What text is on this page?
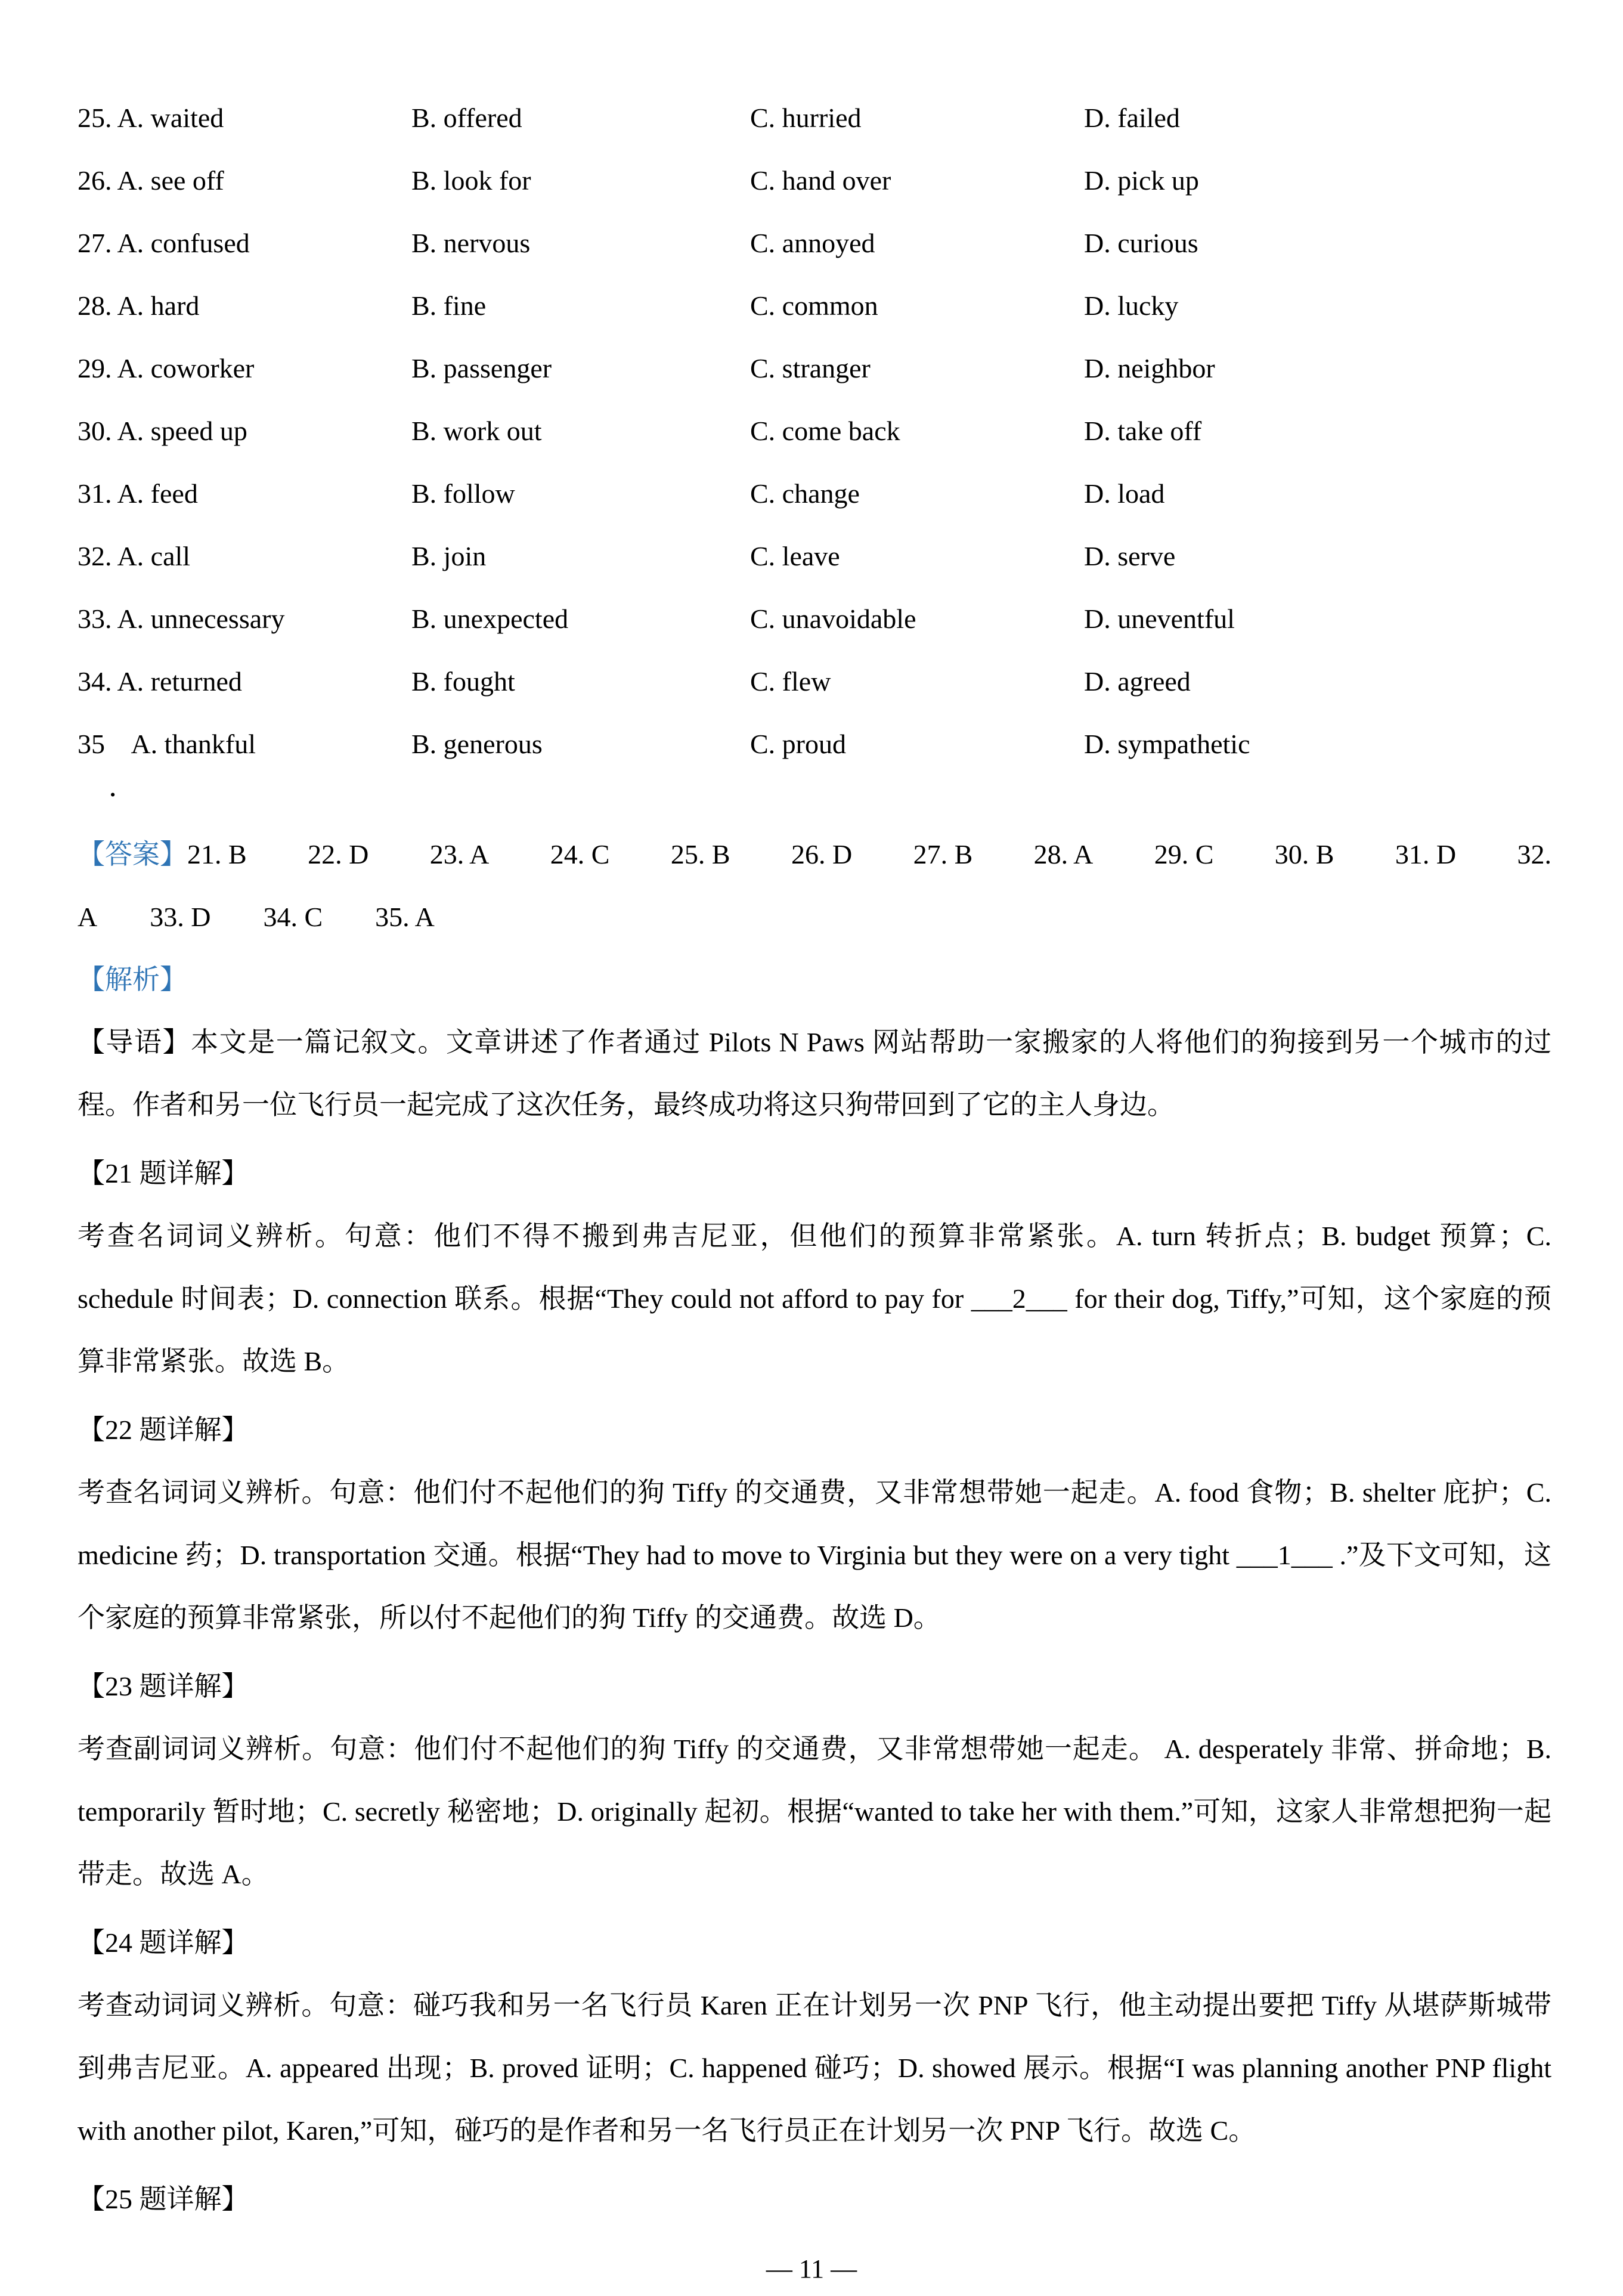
25. A. waited	B. offered	C. hurried	D. failed
26. A. see off	B. look for	C. hand over	D. pick up
27. A. confused	B. nervous	C. annoyed	D. curious
28. A. hard	B. fine	C. common	D. lucky
29. A. coworker	B. passenger	C. stranger	D. neighbor
30. A. speed up	B. work out	C. come back	D. take off
31. A. feed	B. follow	C. change	D. load
32. A. call	B. join	C. leave	D. serve
33. A. unnecessary	B. unexpected	C. unavoidable	D. uneventful
34. A. returned	B. fought	C. flew	D. agreed
35    A. thankful	B. generous	C. proud	D. sympathetic
．
【答案】21. B 22. D 23. A 24. C 25. B 26. D 27. B 28. A 29. C 30. B 31. D 32.
A 33. D 34. C 35. A
【解析】

【导语】本文是一篇记叙文。文章讲述了作者通过 Pilots N Paws 网站帮助一家搬家的人将他们的狗接到另一个城市的过程。作者和另一位飞行员一起完成了这次任务，最终成功将这只狗带回到了它的主人身边。

【21 题详解】

考查名词词义辨析。句意：他们不得不搬到弗吉尼亚，但他们的预算非常紧张。A. turn 转折点；B. budget 预算；C. schedule 时间表；D. connection 联系。根据“They could not afford to pay for ___2___ for their dog, Tiffy,”可知，这个家庭的预算非常紧张。故选 B。

【22 题详解】

考查名词词义辨析。句意：他们付不起他们的狗 Tiffy 的交通费，又非常想带她一起走。A. food 食物；B. shelter 庇护；C. medicine 药；D. transportation 交通。根据“They had to move to Virginia but they were on a very tight ___1___ .”及下文可知，这个家庭的预算非常紧张，所以付不起他们的狗 Tiffy 的交通费。故选 D。

【23 题详解】

考查副词词义辨析。句意：他们付不起他们的狗 Tiffy 的交通费，又非常想带她一起走。 A. desperately 非常、拼命地；B. temporarily 暂时地；C. secretly 秘密地；D. originally 起初。根据“wanted to take her with them.”可知，这家人非常想把狗一起带走。故选 A。

【24 题详解】

考查动词词义辨析。句意：碰巧我和另一名飞行员 Karen 正在计划另一次 PNP 飞行，他主动提出要把 Tiffy 从堪萨斯城带到弗吉尼亚。A. appeared 出现；B. proved 证明；C. happened 碰巧；D. showed 展示。根据“I was planning another PNP flight with another pilot, Karen,”可知，碰巧的是作者和另一名飞行员正在计划另一次 PNP 飞行。故选 C。

【25 题详解】
— 11 —
